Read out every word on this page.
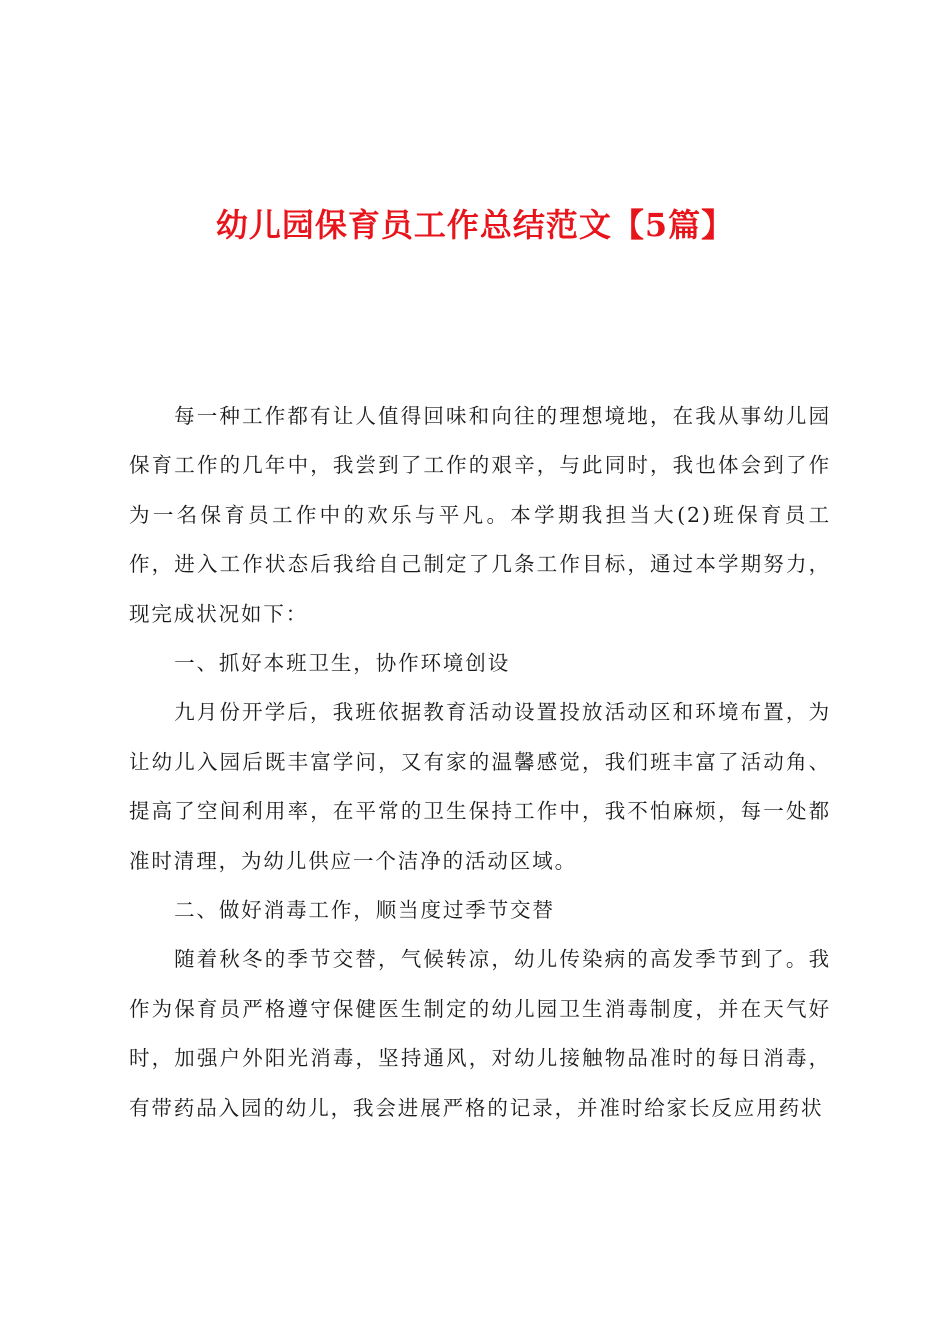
幼儿园保育员工作总结范文【5篇】

每一种工作都有让人值得回味和向往的理想境地，在我从事幼儿园保育工作的几年中，我尝到了工作的艰辛，与此同时，我也体会到了作为一名保育员工作中的欢乐与平凡。本学期我担当大(2)班保育员工作，进入工作状态后我给自己制定了几条工作目标，通过本学期努力，现完成状况如下：

一、抓好本班卫生，协作环境创设

九月份开学后，我班依据教育活动设置投放活动区和环境布置，为让幼儿入园后既丰富学问，又有家的温馨感觉，我们班丰富了活动角、提高了空间利用率，在平常的卫生保持工作中，我不怕麻烦，每一处都准时清理，为幼儿供应一个洁净的活动区域。

二、做好消毒工作，顺当度过季节交替

随着秋冬的季节交替，气候转凉，幼儿传染病的高发季节到了。我作为保育员严格遵守保健医生制定的幼儿园卫生消毒制度，并在天气好时，加强户外阳光消毒，坚持通风，对幼儿接触物品准时的每日消毒，有带药品入园的幼儿，我会进展严格的记录，并准时给家长反应用药状
